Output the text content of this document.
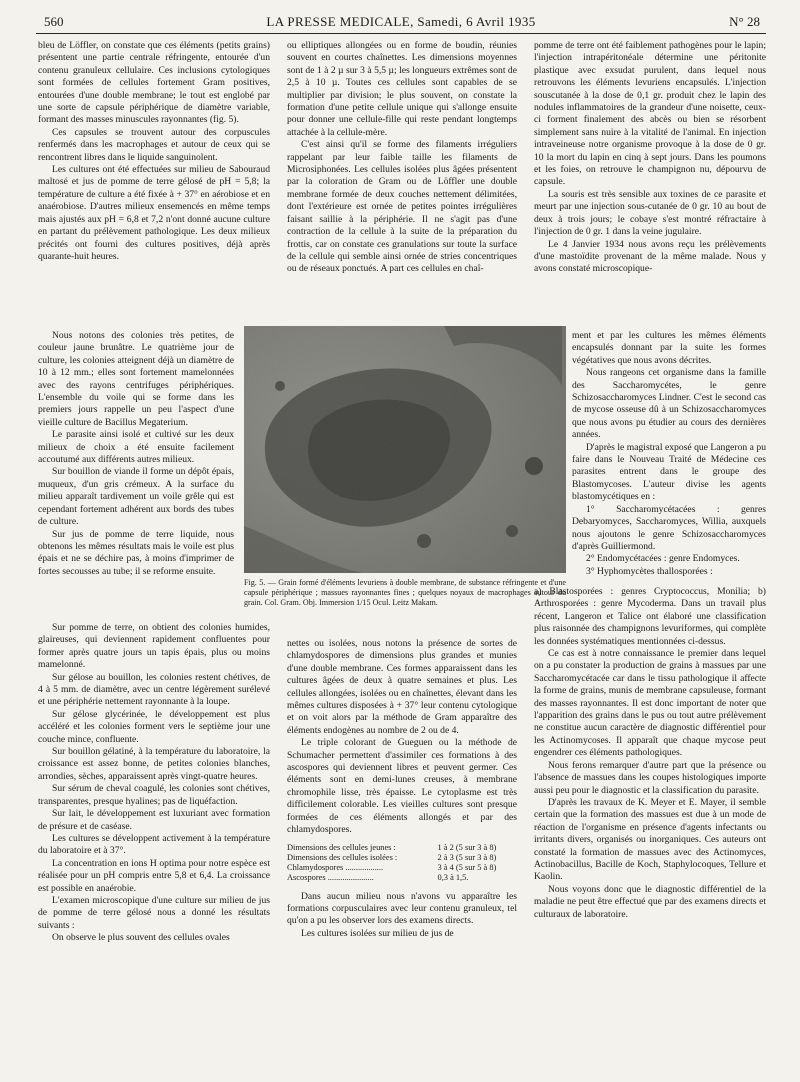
560	LA PRESSE MEDICALE, Samedi, 6 Avril 1935	N° 28

bleu de Löffler, on constate que ces éléments (petits grains) présentent une partie centrale réfringente, entourée d'un contenu granuleux cellulaire. Ces inclusions cytologiques sont formées de cellules fortement Gram positives, entourées d'une double membrane; le tout est englobé par une sorte de capsule périphérique de diamètre variable, formant des masses minuscules rayonnantes (fig. 5).

Ces capsules se trouvent autour des corpuscules renfermés dans les macrophages et autour de ceux qui se rencontrent libres dans le liquide sanguinolent.

Les cultures ont été effectuées sur milieu de Sabouraud maltosé et jus de pomme de terre gélosé de pH = 5,8; la température de culture a été fixée à + 37° en aérobiose et en anaérobiose. D'autres milieux ensemencés en même temps mais ajustés aux pH = 6,8 et 7,2 n'ont donné aucune culture en partant du prélèvement pathologique. Les deux milieux précités ont fourni des cultures positives, déjà après quarante-huit heures.

Nous notons des colonies très petites, de couleur jaune brunâtre. Le quatrième jour de culture, les colonies atteignent déjà un diamètre de 10 à 12 mm.; elles sont fortement mamelonnées avec des rayons centrifuges périphériques. L'ensemble du voile qui se forme dans les premiers jours rappelle un peu l'aspect d'une vieille culture de Bacillus Megaterium.

Le parasite ainsi isolé et cultivé sur les deux milieux de choix a été ensuite facilement accoutumé aux différents autres milieux.

Sur bouillon de viande il forme un dépôt épais, muqueux, d'un gris crémeux. A la surface du milieu apparaît tardivement un voile grêle qui est cependant fortement adhérent aux bords des tubes de culture.

Sur jus de pomme de terre liquide, nous obtenons les mêmes résultats mais le voile est plus épais et ne se déchire pas, à moins d'imprimer de fortes secousses au tube; il se reforme ensuite.

Sur pomme de terre, on obtient des colonies humides, glaireuses, qui deviennent rapidement confluentes pour former après quatre jours un tapis épais, plus ou moins mamelonné.

Sur gélose au bouillon, les colonies restent chétives, de 4 à 5 mm. de diamètre, avec un centre légèrement surélevé et une périphérie nettement rayonnante à la loupe.

Sur gélose glycérinée, le développement est plus accéléré et les colonies forment vers le septième jour une couche mince, confluente.

Sur bouillon gélatiné, à la température du laboratoire, la croissance est assez bonne, de petites colonies blanches, arrondies, sèches, apparaissent après vingt-quatre heures.

Sur sérum de cheval coagulé, les colonies sont chétives, transparentes, presque hyalines; pas de liquéfaction.

Sur lait, le développement est luxuriant avec formation de présure et de caséase.

Les cultures se développent activement à la température du laboratoire et à 37°.

La concentration en ions H optima pour notre espèce est réalisée pour un pH compris entre 5,8 et 6,4. La croissance est possible en anaérobie.

L'examen microscopique d'une culture sur milieu de jus de pomme de terre gélosé nous a donné les résultats suivants :

On observe le plus souvent des cellules ovales

ou elliptiques allongées ou en forme de boudin, réunies souvent en courtes chaînettes. Les dimensions moyennes sont de 1 à 2 µ sur 3 à 5,5 µ; les longueurs extrêmes sont de 2,5 à 10 µ. Toutes ces cellules sont capables de se multiplier par division; le plus souvent, on constate la formation d'une petite cellule unique qui s'allonge ensuite pour donner une cellule-fille qui reste pendant longtemps attachée à la cellule-mère.

C'est ainsi qu'il se forme des filaments irréguliers rappelant par leur faible taille les filaments de Microsiphonées. Les cellules isolées plus âgées présentent par la coloration de Gram ou de Löffler une double membrane formée de deux couches nettement délimitées, dont l'extérieure est ornée de petites pointes irrégulières faisant saillie à la périphérie. Il ne s'agit pas d'une contraction de la cellule à la suite de la préparation du frottis, car on constate ces granulations sur toute la surface de la cellule qui semble ainsi ornée de stries concentriques ou de réseaux ponctués. A part ces cellules en chaî-

Fig. 5. — Grain formé d'éléments levuriens à double membrane, de substance réfringente et d'une capsule périphérique ; massues rayonnantes fines ; quelques noyaux de macrophages autour du grain. Col. Gram. Obj. Immersion 1/15 Ocul. Leitz Makam.

nettes ou isolées, nous notons la présence de sortes de chlamydospores de dimensions plus grandes et munies d'une double membrane. Ces formes apparaissent dans les cultures âgées de deux à quatre semaines et plus. Les cellules allongées, isolées ou en chaînettes, élevant dans les mêmes cultures disposées à + 37° leur contenu cytologique et on voit alors par la méthode de Gram apparaître des éléments endogènes au nombre de 2 ou de 4.

Le triple colorant de Gueguen ou la méthode de Schumacher permettent d'assimiler ces formations à des ascospores qui deviennent libres et peuvent germer. Ces éléments sont en demi-lunes creuses, à membrane chromophile lisse, très épaisse. Le cytoplasme est très difficilement colorable. Les vieilles cultures sont presque formées de ces éléments allongés et par des chlamydospores.

Dimensions des cellules jeunes :	1 à 2 (5 sur 3 à 8)
Dimensions des cellules isolées :	2 à 3 (5 sur 3 à 8)
Chlamydospores ..................	3 à 4 (5 sur 5 à 8)
Ascospores ......................	0,3 à 1,5.

Dans aucun milieu nous n'avons vu apparaître les formations corpusculaires avec leur contenu granuleux, tel qu'on a pu les observer lors des examens directs.

Les cultures isolées sur milieu de jus de

pomme de terre ont été faiblement pathogènes pour le lapin; l'injection intrapéritonéale détermine une péritonite plastique avec exsudat purulent, dans lequel nous retrouvons les éléments levuriens encapsulés. L'injection souscutanée à la dose de 0,1 gr. produit chez le lapin des nodules inflammatoires de la grandeur d'une noisette, ceux-ci forment finalement des abcès ou bien se résorbent simplement sans nuire à la vitalité de l'animal. En injection intraveineuse notre organisme provoque à la dose de 0 gr. 10 la mort du lapin en cinq à sept jours. Dans les poumons et les foies, on retrouve le champignon nu, dépourvu de capsule.

La souris est très sensible aux toxines de ce parasite et meurt par une injection sous-cutanée de 0 gr. 10 au bout de deux à trois jours; le cobaye s'est montré réfractaire à l'injection de 0 gr. 1 dans la veine jugulaire.

Le 4 Janvier 1934 nous avons reçu les prélèvements d'une mastoïdite provenant de la même malade. Nous y avons constaté microscopique-

ment et par les cultures les mêmes éléments encapsulés donnant par la suite les formes végétatives que nous avons décrites.

Nous rangeons cet organisme dans la famille des Saccharomycétes, le genre Schizosaccharomyces Lindner. C'est le second cas de mycose osseuse dû à un Schizosaccharomyces que nous avons pu étudier au cours des dernières années.

D'après le magistral exposé que Langeron a pu faire dans le Nouveau Traité de Médecine ces parasites entrent dans le groupe des Blastomycoses. L'auteur divise les agents blastomycétiques en :

1° Saccharomycétacées : genres Debaryomyces, Saccharomyces, Willia, auxquels nous ajoutons le genre Schizosaccharomyces d'après Guilliermond.

2° Endomycétacées : genre Endomyces.

3° Hyphomycètes thallosporées :

a) Blastosporées : genres Cryptococcus, Monilia; b) Arthrosporées : genre Mycoderma. Dans un travail plus récent, Langeron et Talice ont élaboré une classification plus raisonnée des champignons levuriformes, qui complète les données systématiques mentionnées ci-dessus.

Ce cas est à notre connaissance le premier dans lequel on a pu constater la production de grains à massues par une Saccharomycétacée car dans le tissu pathologique il affecte la forme de grains, munis de membrane capsuleuse, formant des masses rayonnantes. Il est donc important de noter que l'apparition des grains dans le pus ou tout autre prélèvement ne constitue aucun caractère de diagnostic différentiel pour les Actinomycoses. Il apparaît que chaque mycose peut engendrer ces éléments pathologiques.

Nous ferons remarquer d'autre part que la présence ou l'absence de massues dans les coupes histologiques importe aussi peu pour le diagnostic et la classification du parasite.

D'après les travaux de K. Meyer et E. Mayer, il semble certain que la formation des massues est due à un mode de réaction de l'organisme en présence d'agents infectants ou irritants divers, organisés ou inorganiques. Ces auteurs ont constaté la formation de massues avec des Actinomyces, Actinobacillus, Bacille de Koch, Staphylocoques, Tellure et Kaolin.

Nous voyons donc que le diagnostic différentiel de la maladie ne peut être effectué que par des examens directs et culturaux de laboratoire.
